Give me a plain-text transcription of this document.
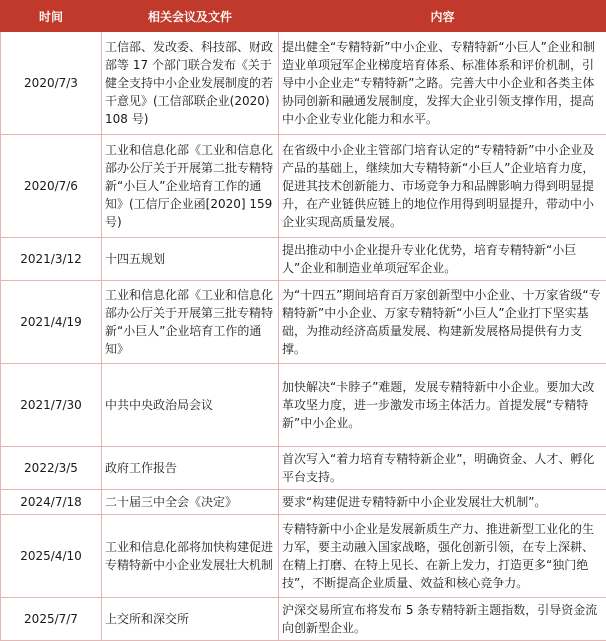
时间	相关会议及文件	内容
2020/7/3	工信部、发改委、科技部、财政部等 17 个部门联合发布《关于健全支持中小企业发展制度的若干意见》(工信部联企业(2020)108 号)	提出健全“专精特新”中小企业、专精特新“小巨人”企业和制造业单项冠军企业梯度培育体系、标准体系和评价机制，引导中小企业走“专精特新”之路。完善大中小企业和各类主体协同创新和融通发展制度，发挥大企业引领支撑作用，提高中小企业专业化能力和水平。
2020/7/6	工业和信息化部《工业和信息化部办公厅关于开展第二批专精特新“小巨人”企业培育工作的通知》(工信厅企业函[2020] 159 号)	在省级中小企业主管部门培育认定的“专精特新”中小企业及产品的基础上，继续加大专精特新“小巨人”企业培育力度，促进其技术创新能力、市场竞争力和品牌影响力得到明显提升，在产业链供应链上的地位作用得到明显提升，带动中小企业实现高质量发展。
2021/3/12	十四五规划	提出推动中小企业提升专业化优势，培育专精特新“小巨人”企业和制造业单项冠军企业。
2021/4/19	工业和信息化部《工业和信息化部办公厅关于开展第三批专精特新“小巨人”企业培育工作的通知》	为“十四五”期间培育百万家创新型中小企业、十万家省级“专精特新”中小企业、万家专精特新“小巨人”企业打下坚实基础，为推动经济高质量发展、构建新发展格局提供有力支撑。
2021/7/30	中共中央政治局会议	加快解决“卡脖子”难题，发展专精特新中小企业。要加大改革攻坚力度，进一步激发市场主体活力。首提发展“专精特新”中小企业。
2022/3/5	政府工作报告	首次写入“着力培育专精特新企业”，明确资金、人才、孵化平台支持。
2024/7/18	二十届三中全会《决定》	要求“构建促进专精特新中小企业发展壮大机制”。
2025/4/10	工业和信息化部将加快构建促进专精特新中小企业发展壮大机制	专精特新中小企业是发展新质生产力、推进新型工业化的生力军，要主动融入国家战略，强化创新引领，在专上深耕、在精上打磨、在特上见长、在新上发力，打造更多“独门绝技”，不断提高企业质量、效益和核心竞争力。
2025/7/7	上交所和深交所	沪深交易所宣布将发布 5 条专精特新主题指数，引导资金流向创新型企业。
